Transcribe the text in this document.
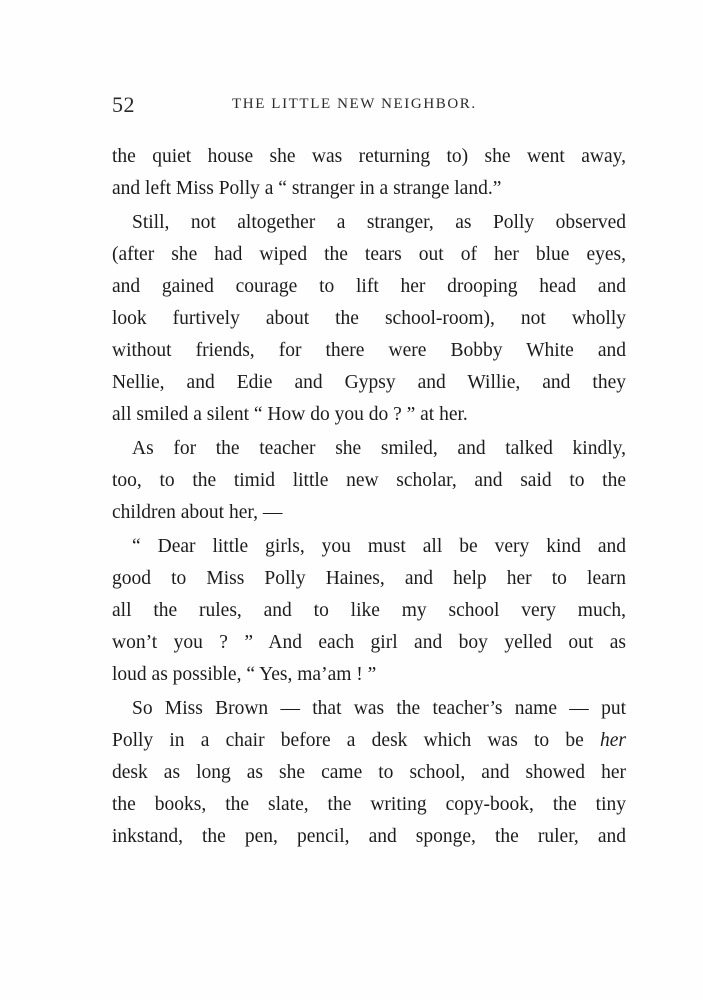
52	THE LITTLE NEW NEIGHBOR.
the quiet house she was returning to) she went away,
and left Miss Polly a “ stranger in a strange land.”
Still, not altogether a stranger, as Polly observed
(after she had wiped the tears out of her blue eyes,
and gained courage to lift her drooping head and
look furtively about the school-room), not wholly
without friends, for there were Bobby White and
Nellie, and Edie and Gypsy and Willie, and they
all smiled a silent “ How do you do ? ” at her.
As for the teacher she smiled, and talked kindly,
too, to the timid little new scholar, and said to the
children about her, —
“ Dear little girls, you must all be very kind and
good to Miss Polly Haines, and help her to learn
all the rules, and to like my school very much,
won’t you ? ” And each girl and boy yelled out as
loud as possible, “ Yes, ma’am ! ”
So Miss Brown — that was the teacher’s name — put
Polly in a chair before a desk which was to be her
desk as long as she came to school, and showed her
the books, the slate, the writing copy-book, the tiny
inkstand, the pen, pencil, and sponge, the ruler, and
